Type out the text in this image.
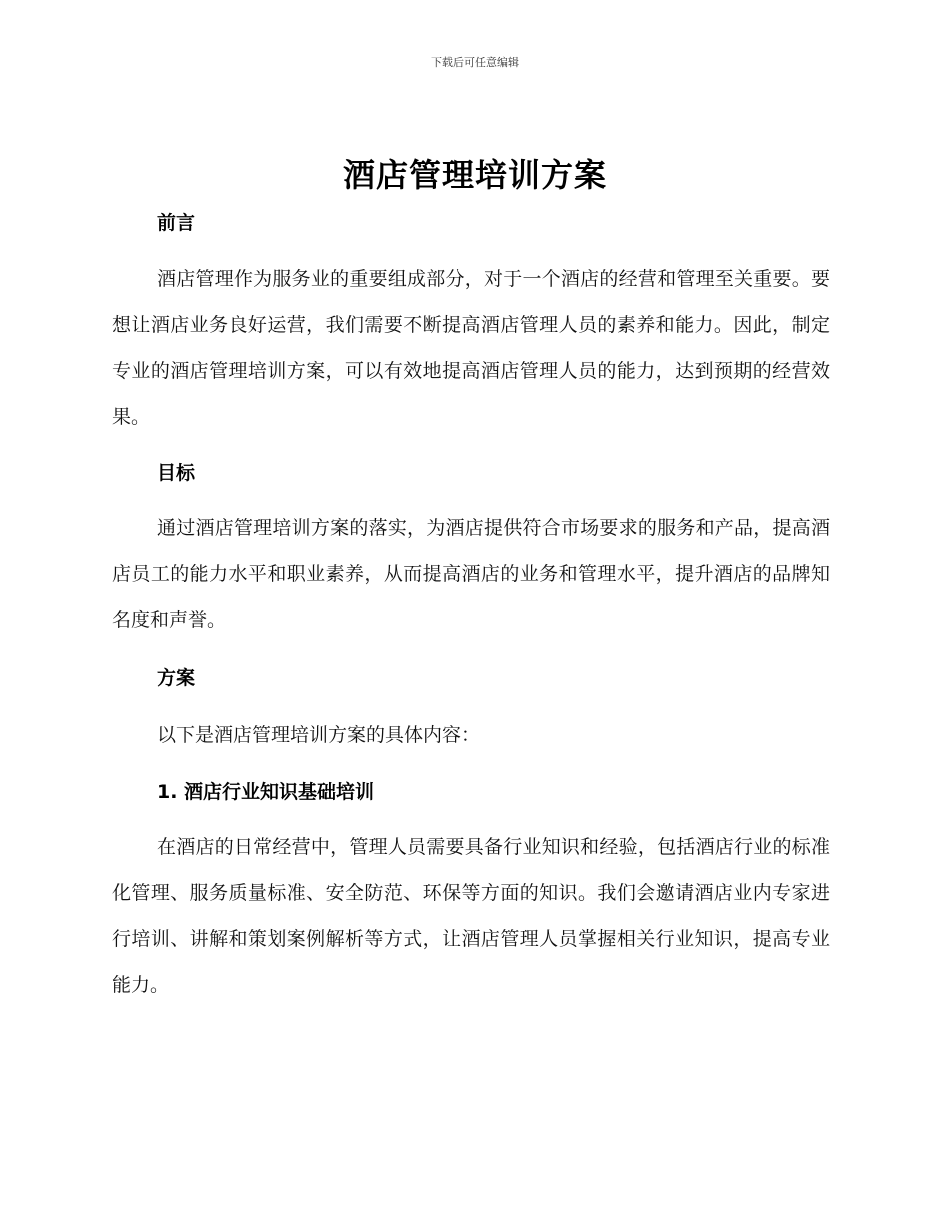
下载后可任意编辑
酒店管理培训方案
前言

酒店管理作为服务业的重要组成部分，对于一个酒店的经营和管理至关重要。要想让酒店业务良好运营，我们需要不断提高酒店管理人员的素养和能力。因此，制定专业的酒店管理培训方案，可以有效地提高酒店管理人员的能力，达到预期的经营效果。

目标

通过酒店管理培训方案的落实，为酒店提供符合市场要求的服务和产品，提高酒店员工的能力水平和职业素养，从而提高酒店的业务和管理水平，提升酒店的品牌知名度和声誉。

方案

以下是酒店管理培训方案的具体内容：

1. 酒店行业知识基础培训

在酒店的日常经营中，管理人员需要具备行业知识和经验，包括酒店行业的标准化管理、服务质量标准、安全防范、环保等方面的知识。我们会邀请酒店业内专家进行培训、讲解和策划案例解析等方式，让酒店管理人员掌握相关行业知识，提高专业能力。
